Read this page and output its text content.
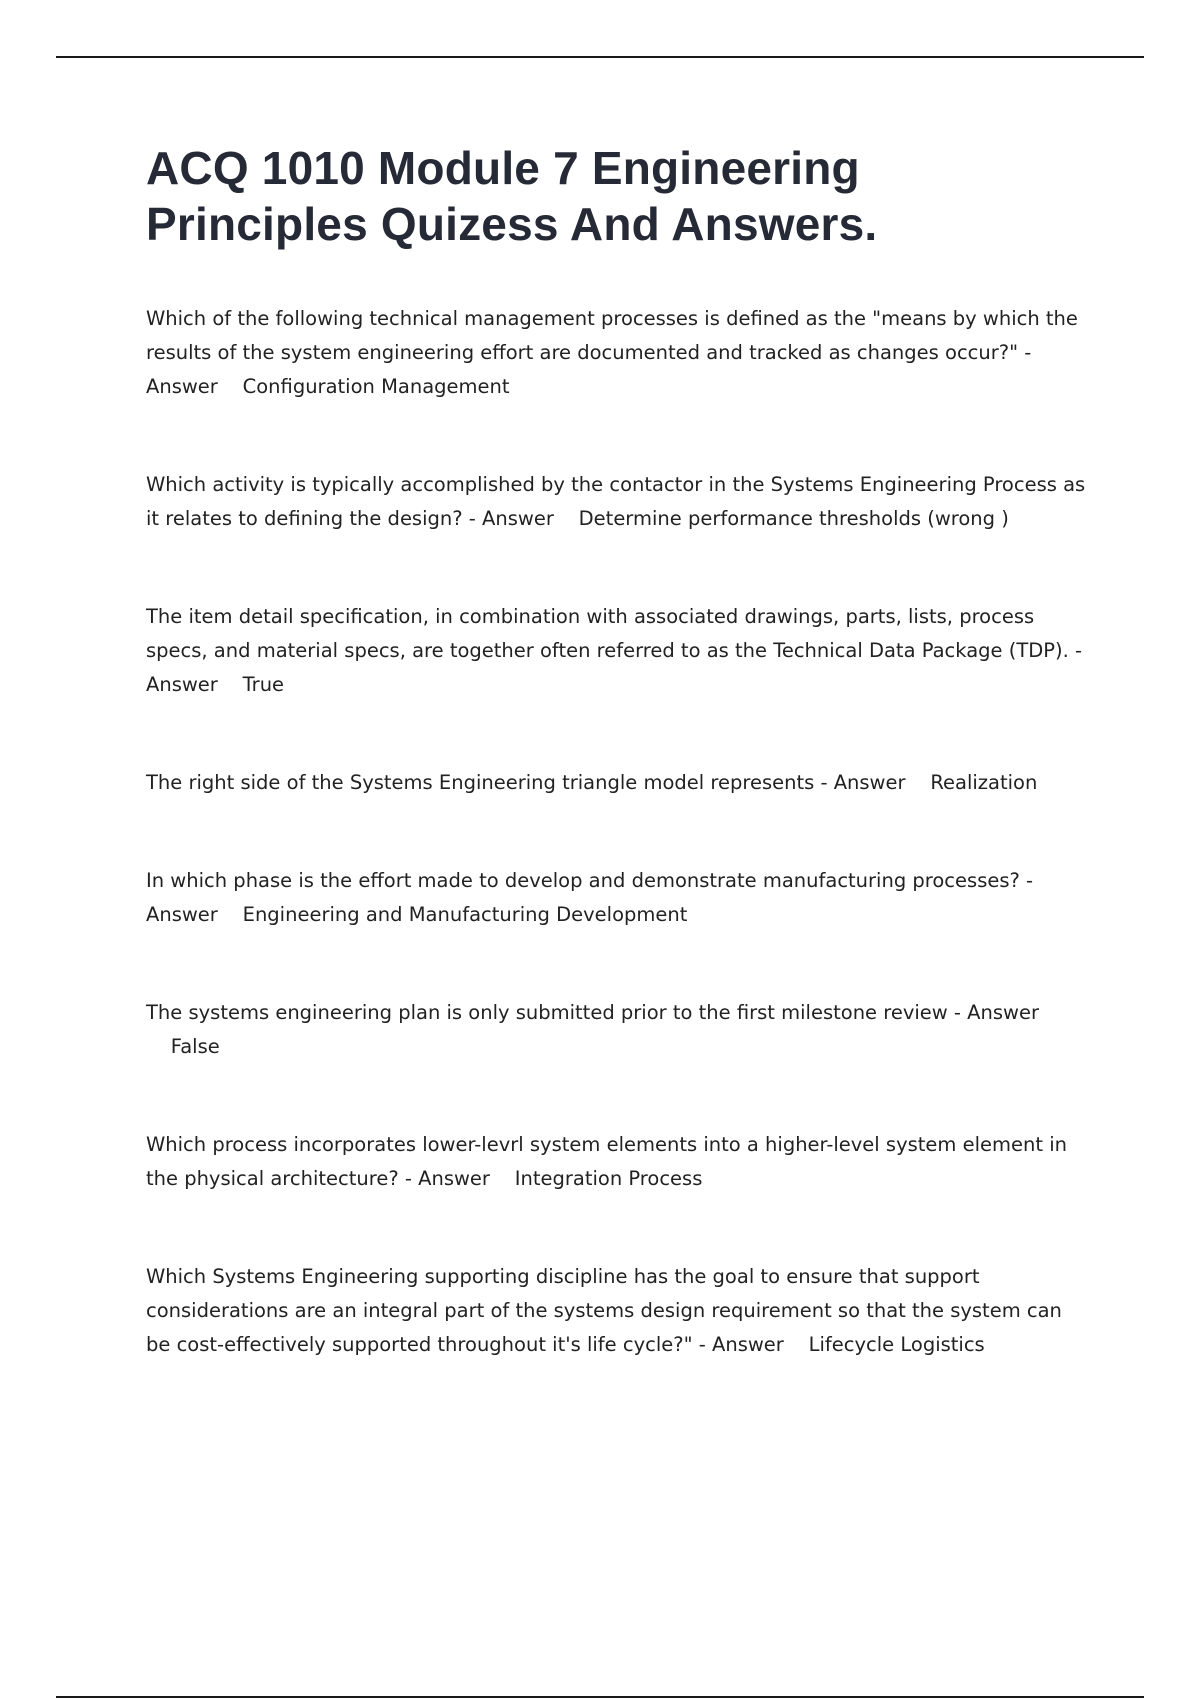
ACQ 1010 Module 7 Engineering Principles Quizess And Answers.
Which of the following technical management processes is defined as the "means by which the results of the system engineering effort are documented and tracked as changes occur?" - Answer Configuration Management
Which activity is typically accomplished by the contactor in the Systems Engineering Process as it relates to defining the design? - Answer Determine performance thresholds (wrong )
The item detail specification, in combination with associated drawings, parts, lists, process specs, and material specs, are together often referred to as the Technical Data Package (TDP). - Answer True
The right side of the Systems Engineering triangle model represents - Answer Realization
In which phase is the effort made to develop and demonstrate manufacturing processes? - Answer Engineering and Manufacturing Development
The systems engineering plan is only submitted prior to the first milestone review - Answer    False
Which process incorporates lower-levrl system elements into a higher-level system element in the physical architecture? - Answer Integration Process
Which Systems Engineering supporting discipline has the goal to ensure that support considerations are an integral part of the systems design requirement so that the system can be cost-effectively supported throughout it's life cycle?" - Answer Lifecycle Logistics
